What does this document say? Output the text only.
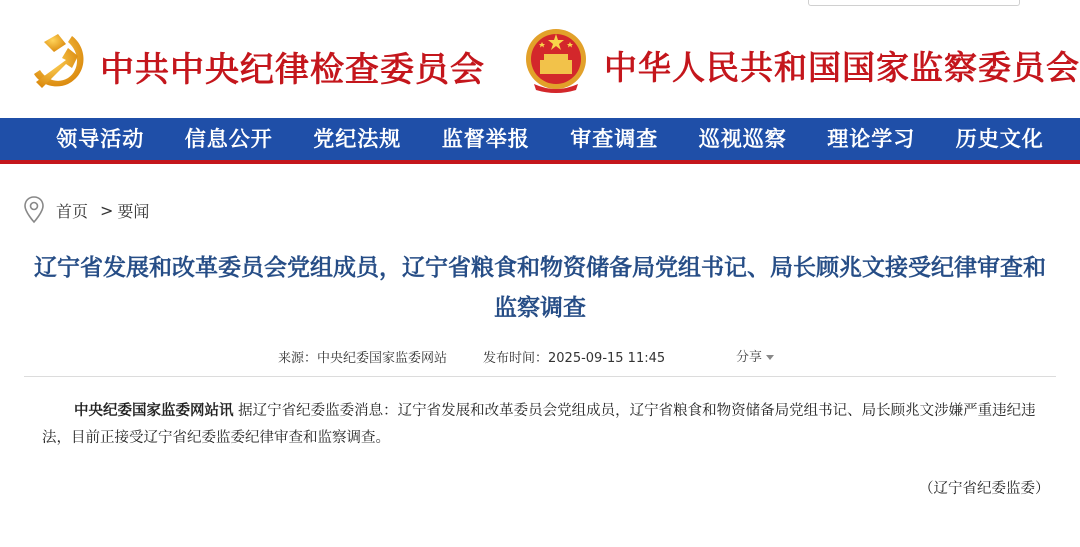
中共中央纪律检查委员会	中华人民共和国国家监察委员会
领导活动	信息公开	党纪法规	监督举报	审查调查	巡视巡察	理论学习	历史文化
首页 > 要闻
辽宁省发展和改革委员会党组成员，辽宁省粮食和物资储备局党组书记、局长顾兆文接受纪律审查和监察调查
来源：中央纪委国家监委网站	发布时间：2025-09-15 11:45	分享

中央纪委国家监委网站讯 据辽宁省纪委监委消息：辽宁省发展和改革委员会党组成员，辽宁省粮食和物资储备局党组书记、局长顾兆文涉嫌严重违纪违法，目前正接受辽宁省纪委监委纪律审查和监察调查。

（辽宁省纪委监委）
